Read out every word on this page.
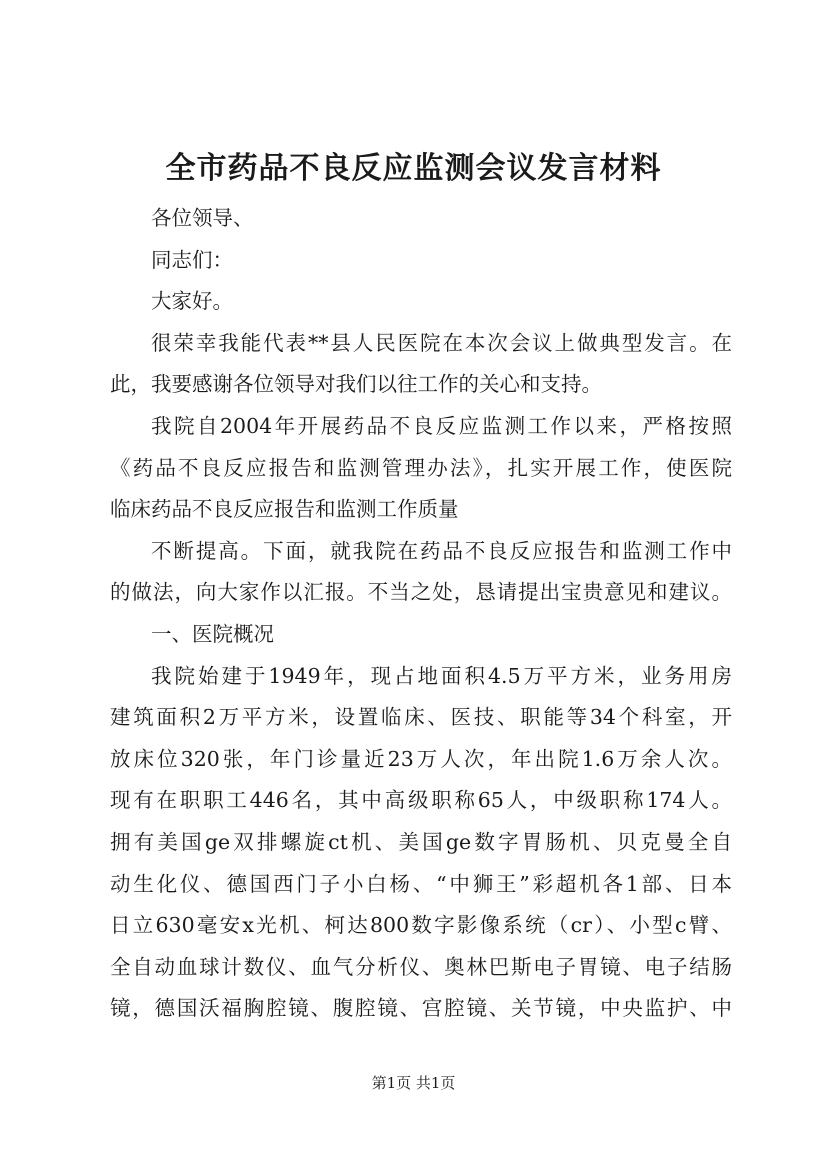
全市药品不良反应监测会议发言材料
各位领导、
同志们：
大家好。
很荣幸我能代表**县人民医院在本次会议上做典型发言。在
此，我要感谢各位领导对我们以往工作的关心和支持。
我院自2004年开展药品不良反应监测工作以来，严格按照
《药品不良反应报告和监测管理办法》，扎实开展工作，使医院
临床药品不良反应报告和监测工作质量
不断提高。下面，就我院在药品不良反应报告和监测工作中
的做法，向大家作以汇报。不当之处，恳请提出宝贵意见和建议。
一、医院概况
我院始建于1949年，现占地面积4.5万平方米，业务用房
建筑面积2万平方米，设置临床、医技、职能等34个科室，开
放床位320张，年门诊量近23万人次，年出院1.6万余人次。
现有在职职工446名，其中高级职称65人，中级职称174人。
拥有美国ge双排螺旋ct机、美国ge数字胃肠机、贝克曼全自
动生化仪、德国西门子小白杨、“中狮王”彩超机各1部、日本
日立630毫安x光机、柯达800数字影像系统（cr）、小型c臂、
全自动血球计数仪、血气分析仪、奥林巴斯电子胃镜、电子结肠
镜，德国沃福胸腔镜、腹腔镜、宫腔镜、关节镜，中央监护、中
第1页 共1页
